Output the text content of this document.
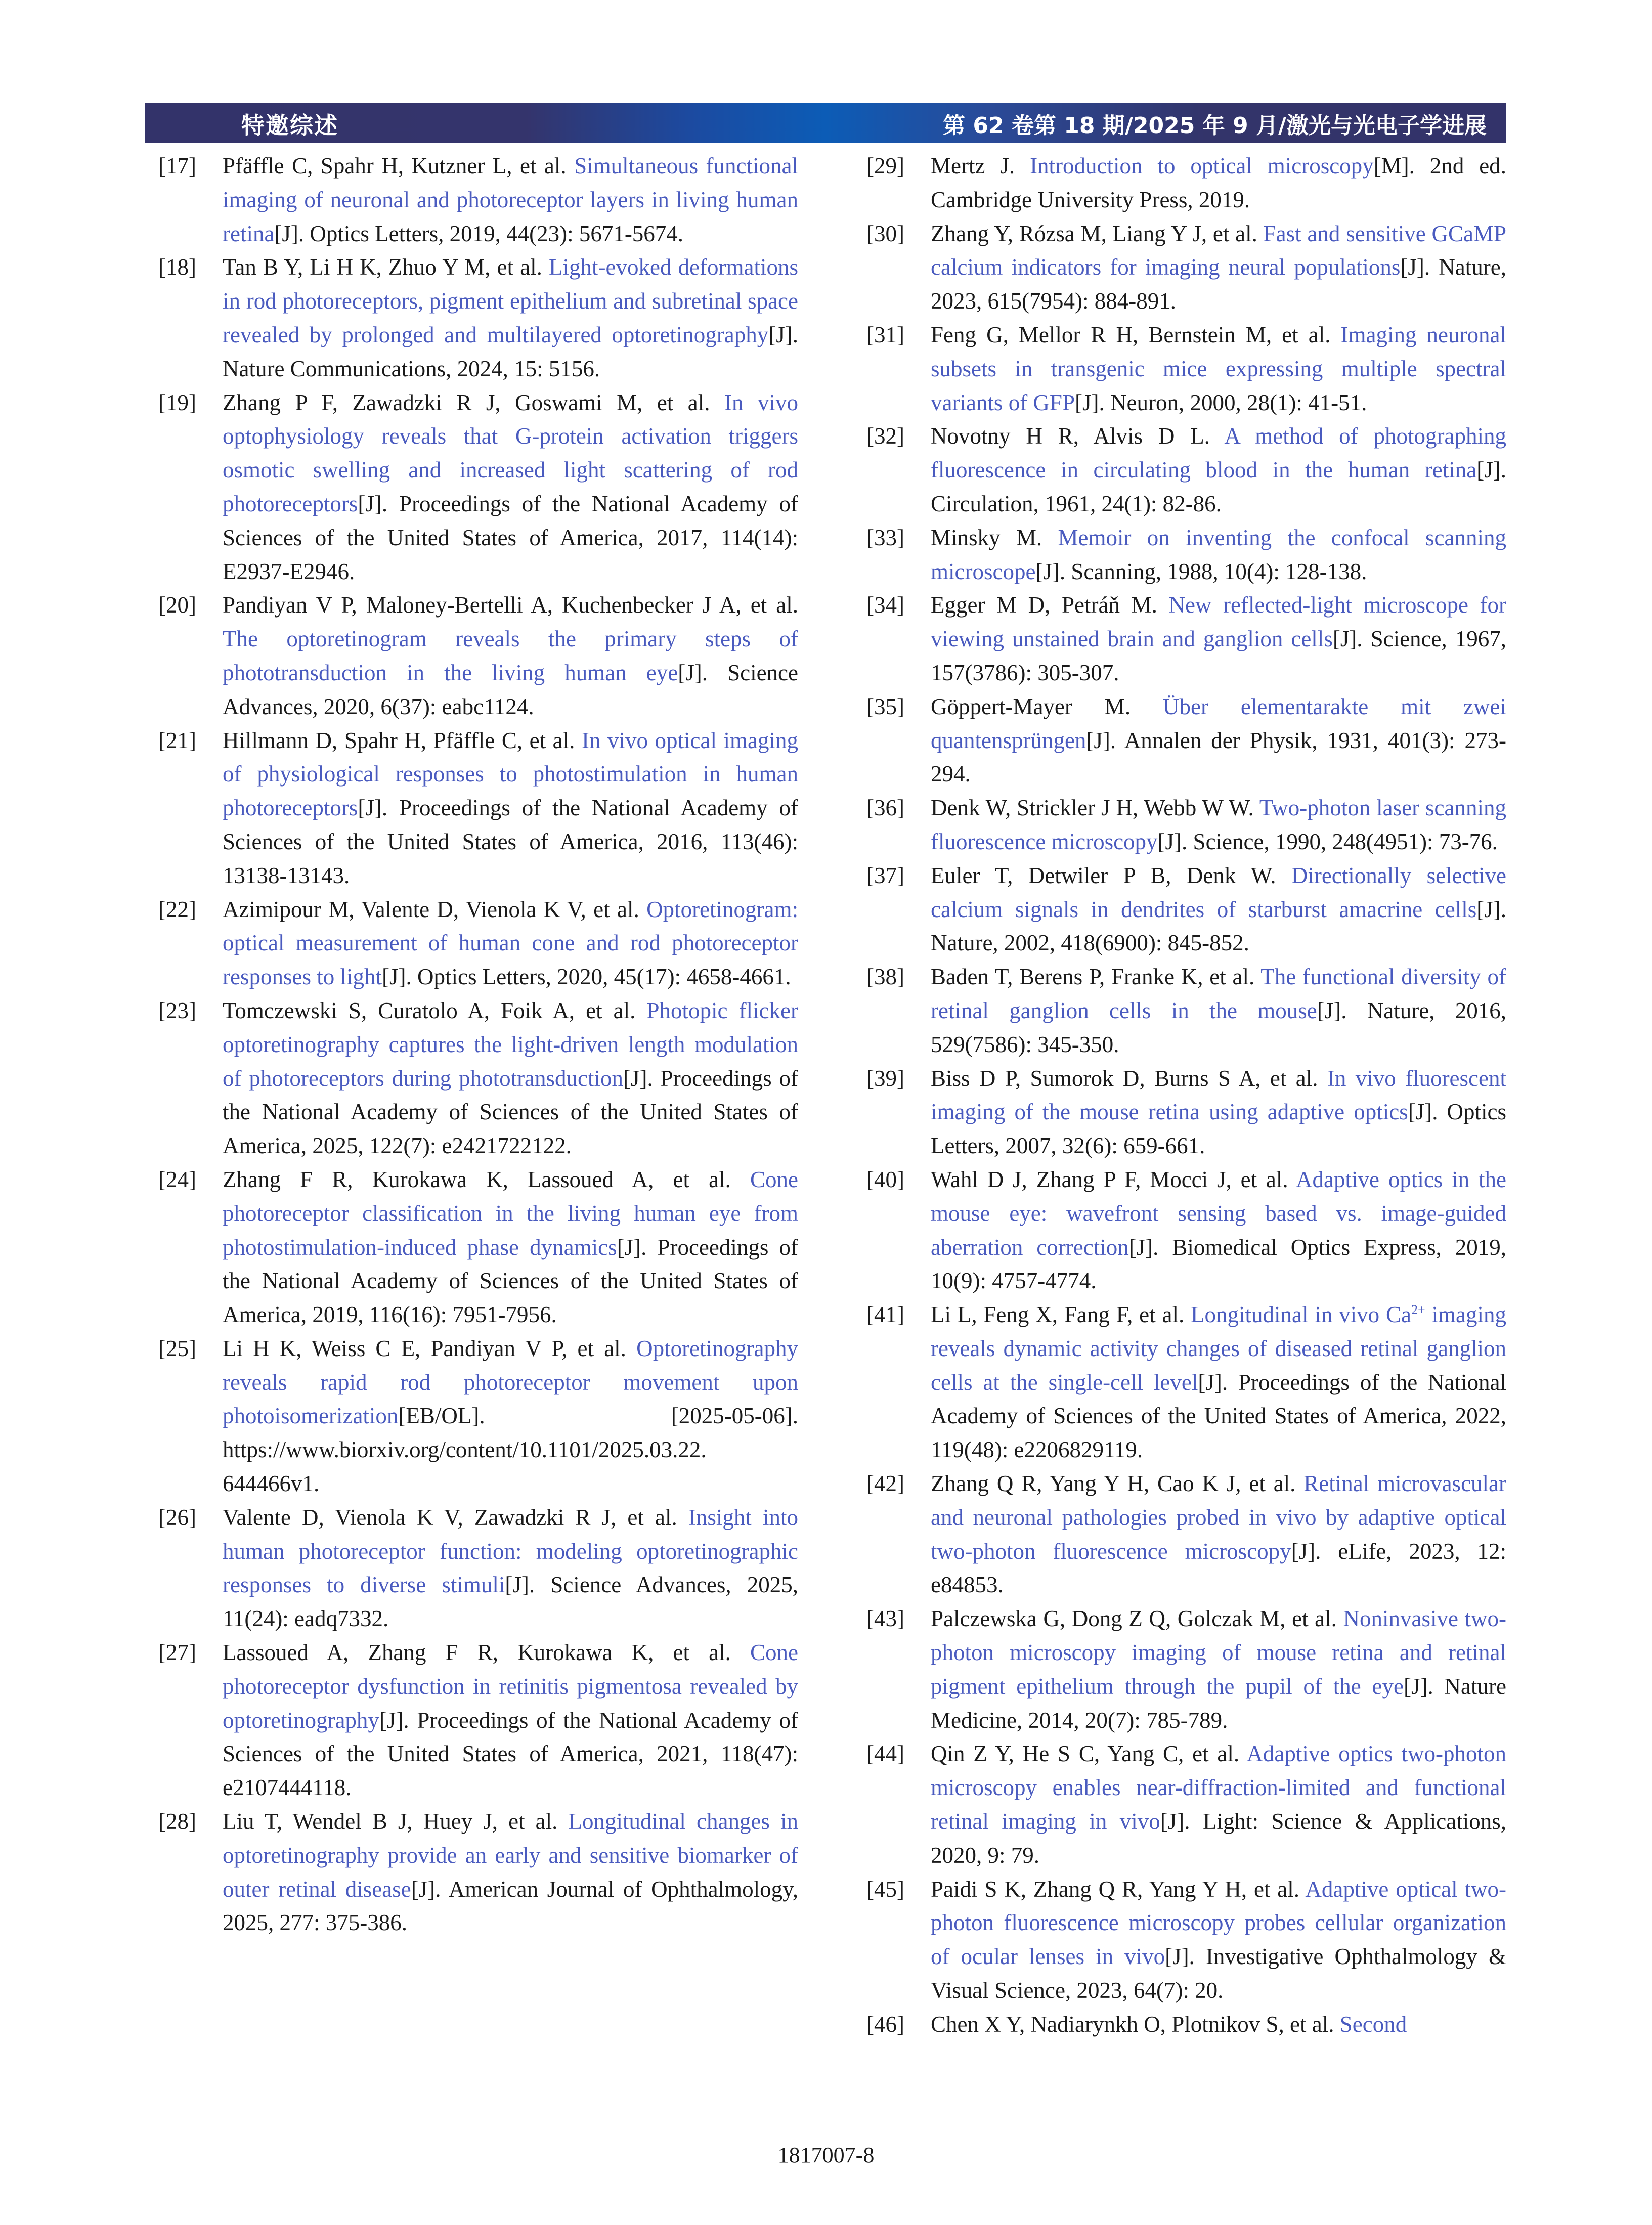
特邀综述	第 62 卷第 18 期/2025 年 9 月/激光与光电子学进展
[17] Pfäffle C, Spahr H, Kutzner L, et al. Simultaneous functional imaging of neuronal and photoreceptor layers in living human retina[J]. Optics Letters, 2019, 44(23): 5671-5674.
[18] Tan B Y, Li H K, Zhuo Y M, et al. Light-evoked deformations in rod photoreceptors, pigment epithelium and subretinal space revealed by prolonged and multilayered optoretinography[J]. Nature Communications, 2024, 15: 5156.
[19] Zhang P F, Zawadzki R J, Goswami M, et al. In vivo optophysiology reveals that G-protein activation triggers osmotic swelling and increased light scattering of rod photoreceptors[J]. Proceedings of the National Academy of Sciences of the United States of America, 2017, 114(14): E2937-E2946.
[20] Pandiyan V P, Maloney-Bertelli A, Kuchenbecker J A, et al. The optoretinogram reveals the primary steps of phototransduction in the living human eye[J]. Science Advances, 2020, 6(37): eabc1124.
[21] Hillmann D, Spahr H, Pfäffle C, et al. In vivo optical imaging of physiological responses to photostimulation in human photoreceptors[J]. Proceedings of the National Academy of Sciences of the United States of America, 2016, 113(46): 13138-13143.
[22] Azimipour M, Valente D, Vienola K V, et al. Optoretinogram: optical measurement of human cone and rod photoreceptor responses to light[J]. Optics Letters, 2020, 45(17): 4658-4661.
[23] Tomczewski S, Curatolo A, Foik A, et al. Photopic flicker optoretinography captures the light-driven length modulation of photoreceptors during phototransduction[J]. Proceedings of the National Academy of Sciences of the United States of America, 2025, 122(7): e2421722122.
[24] Zhang F R, Kurokawa K, Lassoued A, et al. Cone photoreceptor classification in the living human eye from photostimulation-induced phase dynamics[J]. Proceedings of the National Academy of Sciences of the United States of America, 2019, 116(16): 7951-7956.
[25] Li H K, Weiss C E, Pandiyan V P, et al. Optoretinography reveals rapid rod photoreceptor movement upon photoisomerization[EB/OL]. [2025-05-06]. https://www.biorxiv.org/content/10.1101/2025.03.22. 644466v1.
[26] Valente D, Vienola K V, Zawadzki R J, et al. Insight into human photoreceptor function: modeling optoretinographic responses to diverse stimuli[J]. Science Advances, 2025, 11(24): eadq7332.
[27] Lassoued A, Zhang F R, Kurokawa K, et al. Cone photoreceptor dysfunction in retinitis pigmentosa revealed by optoretinography[J]. Proceedings of the National Academy of Sciences of the United States of America, 2021, 118(47): e2107444118.
[28] Liu T, Wendel B J, Huey J, et al. Longitudinal changes in optoretinography provide an early and sensitive biomarker of outer retinal disease[J]. American Journal of Ophthalmology, 2025, 277: 375-386.
[29] Mertz J. Introduction to optical microscopy[M]. 2nd ed. Cambridge University Press, 2019.
[30] Zhang Y, Rózsa M, Liang Y J, et al. Fast and sensitive GCaMP calcium indicators for imaging neural populations[J]. Nature, 2023, 615(7954): 884-891.
[31] Feng G, Mellor R H, Bernstein M, et al. Imaging neuronal subsets in transgenic mice expressing multiple spectral variants of GFP[J]. Neuron, 2000, 28(1): 41-51.
[32] Novotny H R, Alvis D L. A method of photographing fluorescence in circulating blood in the human retina[J]. Circulation, 1961, 24(1): 82-86.
[33] Minsky M. Memoir on inventing the confocal scanning microscope[J]. Scanning, 1988, 10(4): 128-138.
[34] Egger M D, Petráň M. New reflected-light microscope for viewing unstained brain and ganglion cells[J]. Science, 1967, 157(3786): 305-307.
[35] Göppert-Mayer M. Über elementarakte mit zwei quantensprüngen[J]. Annalen der Physik, 1931, 401(3): 273-294.
[36] Denk W, Strickler J H, Webb W W. Two-photon laser scanning fluorescence microscopy[J]. Science, 1990, 248(4951): 73-76.
[37] Euler T, Detwiler P B, Denk W. Directionally selective calcium signals in dendrites of starburst amacrine cells[J]. Nature, 2002, 418(6900): 845-852.
[38] Baden T, Berens P, Franke K, et al. The functional diversity of retinal ganglion cells in the mouse[J]. Nature, 2016, 529(7586): 345-350.
[39] Biss D P, Sumorok D, Burns S A, et al. In vivo fluorescent imaging of the mouse retina using adaptive optics[J]. Optics Letters, 2007, 32(6): 659-661.
[40] Wahl D J, Zhang P F, Mocci J, et al. Adaptive optics in the mouse eye: wavefront sensing based vs. image-guided aberration correction[J]. Biomedical Optics Express, 2019, 10(9): 4757-4774.
[41] Li L, Feng X, Fang F, et al. Longitudinal in vivo $Ca^{2+}$ imaging reveals dynamic activity changes of diseased retinal ganglion cells at the single-cell level[J]. Proceedings of the National Academy of Sciences of the United States of America, 2022, 119(48): e2206829119.
[42] Zhang Q R, Yang Y H, Cao K J, et al. Retinal microvascular and neuronal pathologies probed in vivo by adaptive optical two-photon fluorescence microscopy[J]. eLife, 2023, 12: e84853.
[43] Palczewska G, Dong Z Q, Golczak M, et al. Noninvasive two-photon microscopy imaging of mouse retina and retinal pigment epithelium through the pupil of the eye[J]. Nature Medicine, 2014, 20(7): 785-789.
[44] Qin Z Y, He S C, Yang C, et al. Adaptive optics two-photon microscopy enables near-diffraction-limited and functional retinal imaging in vivo[J]. Light: Science & Applications, 2020, 9: 79.
[45] Paidi S K, Zhang Q R, Yang Y H, et al. Adaptive optical two-photon fluorescence microscopy probes cellular organization of ocular lenses in vivo[J]. Investigative Ophthalmology & Visual Science, 2023, 64(7): 20.
[46] Chen X Y, Nadiarynkh O, Plotnikov S, et al. Second
1817007-8
